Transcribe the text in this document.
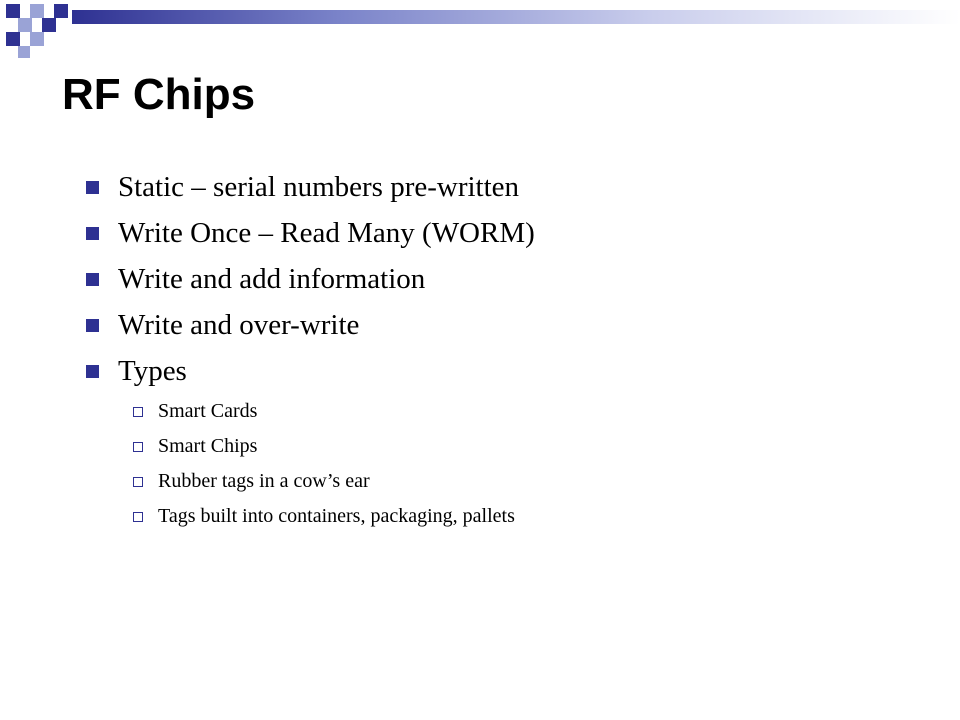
RF Chips
Static – serial numbers pre-written
Write Once – Read Many (WORM)
Write and add information
Write and over-write
Types
Smart Cards
Smart Chips
Rubber tags in a cow’s ear
Tags built into containers, packaging, pallets
